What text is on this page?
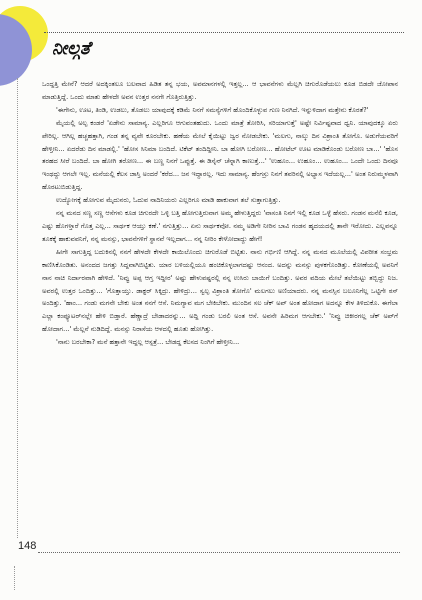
ನೀಲ್ಗತೆ

ಒಂದ್ದತ್ತಿ ಮೇನೆ? ಆದರೆ ಅದಕ್ಕಿಂತಲೂ ಬಲವಾದ ಹಿಡಿತ ತನ್ನ ಭಯ, ಅವಮಾನಗಳಲ್ಲಿ ಇತ್ತಲ್ಲ... ಆ ಭಾವನೆಗಳು ಮೆಲ್ಲಗಿ ಚಿಗುರೊಡೆಯಲು ಕೂಡ ಬಿಡದೇ ಜೋಪಾನ ಮಾಡುತ್ತಿದ್ದೆ. ಒಂದು ಮಾತು ಹೇಳದೇ ಅವನ ಉತ್ತರ ನನಗೇ ಗೊತ್ತಿರುತ್ತಿತ್ತು.

'ಈಗೇನು, ಊಟ, ತಿಂಡಿ, ಉಡಲು, ತೊಡಲು ಯಾವುದಕ್ಕೆ ಕಡಿಮೆ ನಿನಗೆ ಸಮಸ್ಯೆಗಳಿಗೆ ಹೊಂದಿಕೊಳ್ಳುವ ಗುಣ ನಿನಗಿದೆ. ಇನ್ನುಳಿದಾಗ ಮತ್ತೇನು ಕೊರತೆ?'

ಮೈಯಲ್ಲಿ ಅಲ್ಪ ಕಂಡರೆ 'ಏಡೇನು ಸಾಮಾನ್ಯ. ಎಲ್ಲರಿಗೂ ಆಗುವಂತಹುದು. ಒಂದು ಮಾತ್ರೆ ತೋರಿಸಿ, ಸರಿಯಾಗುತ್ತೆ' ಅಷ್ಟೇ ನಿರ್ವಿಷ್ಟವಾದ ಧ್ವನಿ. ಯಾವುದಕ್ಕೂ ಏರು ಪೇರಿಲ್ಲ. ಆಗಿಲ್ಲ ಹಚ್ಚಹತ್ತಾಗಿ, ಗಂಡ ತನ್ನ ವ್ಯವೇ ಕೂರಬೇಕು. ಹಣೆಯ ಮೇಲೆ ಕೈಯಿಟ್ಟು ಜ್ವರ ನೋಡಬೇಕು. 'ಮಲಗು, ನಾಲ್ಕು ದಿನ ವಿಶ್ರಾಂತಿ ತೋಗೊ. ಅಡುಗೆಯವರಿಗೆ ಹೇಳ್ತೀನಿ... ಏದರೆಡು ದಿನ ಮಾಡಲ್ಲಿ.' 'ಹೋಸ ಸಿನಿಮಾ ಬಂದಿದೆ. ಟಿಕೆಟ್ ತಂದಿದ್ದೀನಿ. ಬಾ ಹೋಗಿ ಬರೋಣ... ಹೋಟೆಲ್ ಊಟ ಮಾಡಿಕೊಂಡು ಬರೋಣ ಬಾ...' 'ಹೊಸ ತರಹದ ಸೀರೆ ಬಂದಿದೆ. ಬಾ ಹೋಗಿ ತರೋಣ... ಈ ಬಣ್ಣ ನಿನಗೆ ಒಪ್ಪುತ್ತೆ. ಈ ಡಿಸೈನ್ ಚೆನ್ನಾಗಿ ಕಾಣುತ್ತೆ...' 'ಉಹೂಂ... ಉಹೂಂ... ಉಹೂಂ... ಒಂದೇ ಒಂದು ದಿನವೂ ಇಂಥದ್ದು ಆಗಲೇ ಇಲ್ಲ. ಮನೆಯಲ್ಲಿ ಕೆಲಸ ಜಾಸ್ತಿ ಅಂದರೆ 'ಕರೆದ... ಜನ ಇದ್ದಾರಲ್ಲ. ಇದು ಸಾಮಾನ್ಯ. ಹೆಂಗಸ್ರು ನಿನಗೆ ತವರಿನಲ್ಲಿ ಅಭ್ಯಾಸ ಇದೆಯಲ್ಲ...' ಅಂತ ನಿರುಮ್ಮಳವಾಗಿ ಹೊರಟುಬಿಡುತ್ತಿದ್ದ.

ಉದ್ಯೋಗಕ್ಕೆ ಹೋಗುವ ಮೈದುನರು, ಓದುವ ನಾದಿನಿಯರು ಎಲ್ಲರಿಗೂ ಮಾಡಿ ಹಾಕುವಾಗ ತಲೆ ಸುತ್ತಾಗುತ್ತಿತ್ತು.

ನನ್ನ ಮನದ ಸಣ್ಣ ಸಣ್ಣ ಆಸೆಗಳು ಕೂಡ ಚಿಗುರದೇ ಒಳ್ಳಿ ಬತ್ತಿ ಹೋಗುತ್ತಿರುವಾಗ ಅಮ್ಮ ಹೇಳುತ್ತಿದ್ದರು 'ವಾಸಂತಿ ನಿನಗೆ ಇಲ್ಲಿ ಕೂಡ ಒಳ್ಳೆ ಹೆಸರು. ಗಂಡನ ಮನೆಲಿ ಕೂಡ, ಎಷ್ಟು ಹೊಗಳ್ತಾರೆ ಗೊತ್ತ ಎಲ್ಲ... ಸಾರ್ಥಕ ಆಯ್ತು ಕಣೆ.' ನಗುತ್ತಿತ್ತು... ಏನು ಸಾರ್ಥಕವೋ. ನಮ್ಮ ಅಡಿಗೇ ನೀರಿನ ಬಾವಿ ಗಂಡನ ಹೃದಯದಲ್ಲಿ ತಾನೇ ಇರೋದು. ಎಲ್ಲವನ್ನೂ ತೂಕಕ್ಕೆ ಹಾಕುವವನಿಗೆ, ನನ್ನ ಮನಸ್ಸು, ಭಾವನೆಗಳಿಗೆ ಸ್ಥಾನವೆ ಇಲ್ಲದಾಗ... ನನ್ನ ನೀರಿಂ ಕೇಳೋದಾದ್ದು ಹೇಗೆ!

ಹೀಗೇ ಸಾಗುತ್ತಿದ್ದ ಬದುಕಿನಲ್ಲಿ ನನಗೆ ಹೇಳದೇ ಕೇಳದೇ ಕಾಯಿಲೊಂದು ಚಿಗುರೊಡೆ ಬಿಟ್ಟಿತು. ನಾನು ಗರ್ಭಿಣಿ ಆಗಿದ್ದೆ. ನನ್ನ ಮನದ ಮೂಲೆಯಲ್ಲಿ ವಿಪರೀತ ಸಂಭ್ರಮ ಕಾಣಿಸಿಕೊಂಡಿತು. ಅನಂದದ ಜಗತ್ತು ಸಿದ್ದವಾಗಿಬಿಟ್ಟಿತು. ಯಾರ ಬಳಿಯಲ್ಲಿಯೂ ಹಂಚಿಕೊಳ್ಳಲಾಗದಷ್ಟು ಆನಂದ. ಅದನ್ನು ಮನಸ್ಸು ಪುಳಕಗೊಂಡಿತ್ತು. ಕೋಣೆಯಲ್ಲಿ ಅವನಿಗೆ ನಾನ ನಾಚಿ ನಿರ್ದಾರವಾಗಿ ಹೇಳಿದೆ. 'ನಿವ್ವು ಅಪ್ಪ ಆಗ್ತ ಇದ್ದೀರ' ಅಷ್ಟು ಹೇಳುವಷ್ಟರಲ್ಲಿ ನನ್ನ ಉಸಿರು ಬಾಯಿಗೆ ಬಂದಿತ್ತು. ಅವರ ವದಿಯ ಮೇಲೆ ತಲೆಯಿಟ್ಟು ತಬ್ಬಿದ್ದು ನಿಜ. ಅವರಲ್ಲಿ ಉತ್ತರ ಒಂದಿತ್ತು... 'ಗೊತ್ತಾಯ್ತು. ಡಾಕ್ಟರ್ ಸಿಕ್ಕಿದ್ರು. ಹೇಳಿದ್ರು... ಸ್ವಲ್ಪ ವಿಶ್ರಾಂತಿ ತೋಗೊ' ಮಲಗಲು ಅಣಿಯಾದರು. ನನ್ನ ಮನಸ್ಸಿನ ಬಲೂನಿಗೆಲ್ಲ ಒಟ್ಟಿಗೇ ಠಸ್ ಅಂದಿತ್ತು. 'ಹಾಂ... ಗಂಡು ಮಗನೇ ಬೇಕು ಅಂತ ನನಗೆ ಆಸೆ. ನಿಮಗ್ಯಾವ ಮಗ ಬೇಕಿಬೇಕು. ಮುಂದಿನ ಸಲ ಚೆಕ್ ಅಪ್ ಅಂತ ಹೋದಾಗ ಅದನ್ನೂ ಕೇಳ ತಿಳಿದುಕೊ. ಈಗೆಲಾ ಎಲ್ಲಾ ಕಂಪ್ಯೂಟರ್‌ನಲ್ಲೇ ಹೇಳಿ ಬಿಡ್ತಾರೆ. ಹೆಣ್ಣಾದ್ರೆ ಬೇಡಾದರನ್ನು... ಅದ್ದಿ ಗಂಡು ಬರಲಿ ಅಂತ ಆಸೆ. ಅವನೇ ಹಿರಿಮಗ ಆಗಬೇಕು.' 'ನಿವ್ವು ಚಿಕೀರಗಲ್ಲ ಚೆಕ್ ಅಪ್‌ಗೆ ಹೋದಾಗ...' ಮೆಲ್ಲನೆ ನುಡಿದಿದ್ದೆ. ಮನಸ್ಸು ನಿರಾಸೆಯ ಆಳದಲ್ಲಿ ಹೂತು ಹೋಗಿತ್ತು.

'ನಾನು ಬರಬೇಕಾ? ಮನೆ ಹತ್ತಾನೇ ಇದ್ದಲ್ಲ ಆಸ್ಪತ್ರೆ... ಬೇಡದ್ದ ಕೆಲಸದ ನಿಂಗಿಗೆ ಹೇಳ್ತೀನಿ...

148
